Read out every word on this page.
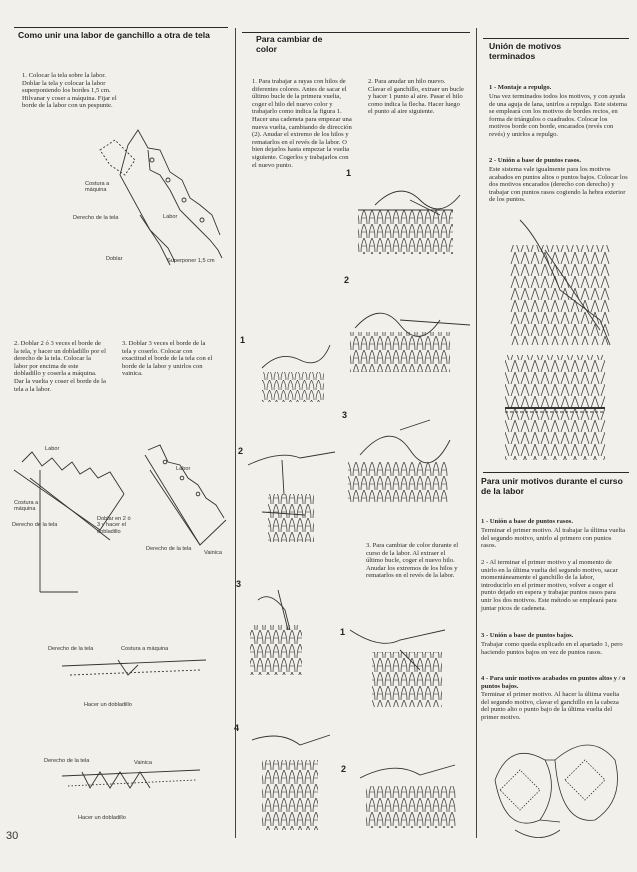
Como unir una labor de ganchillo a otra de tela
1. Colocar la tela sobre la labor. Doblar la tela y colocar la labor superponiendo los bordes 1,5 cm. Hilvanar y coser a máquina. Fijar el borde de la labor con un pespunte.
Costura a máquina
Derecho de la tela	Labor
Doblar	Superponer 1,5 cm
2. Doblar 2 ó 3 veces el borde de la tela, y hacer un dobladillo por el derecho de la tela. Colocar la labor por encima de este dobladillo y coserla a máquina. Dar la vuelta y coser el borde de la tela a la labor.
3. Doblar 3 veces el borde de la tela y coserlo. Colocar con exactitud el borde de la tela con el borde de la labor y unirlos con vainica.
Labor
Labor
Costura a máquina
Derecho de la tela
Doblar en 2 ó 3 y hacer el dobladillo
Derecho de la tela
Vainica
Derecho de la tela	Costura a máquina
Hacer un dobladillo
Derecho de la tela	Vainica
Hacer un dobladillo
30
Para cambiar de color
1. Para trabajar a rayas con hilos de diferentes colores. Antes de sacar el último bucle de la primera vuelta, coger el hilo del nuevo color y trabajarlo como indica la figura 1. Hacer una cadeneta para empezar una nueva vuelta, cambiando de dirección (2). Anudar el extremo de los hilos y rematarlos en el revés de la labor. O bien dejarlos hasta empezar la vuelta siguiente. Cogerlos y trabajarlos con el nuevo punto.
2. Para anudar un hilo nuevo. Clavar el ganchillo, extraer un bucle y hacer 1 punto al aire. Pasar el hilo como indica la flecha. Hacer luego el punto al aire siguiente.
3. Para cambiar de color durante el curso de la labor. Al extraer el último bucle, coger el nuevo hilo. Anudar los extremos de los hilos y rematarlos en el revés de la labor.
1
2
3
1
2
3
4
1
2
Unión de motivos terminados
1 - Montaje a repulgo.
Una vez terminados todos los motivos, y con ayuda de una aguja de lana, unirlos a repulgo. Este sistema se empleará con los motivos de bordes rectos, en forma de triángulos o cuadrados. Colocar los motivos borde con borde, encarados (revés con revés) y unirlos a repulgo.
2 - Unión a base de puntos rasos.
Este sistema vale igualmente para los motivos acabados en puntos altos o puntos bajos. Colocar los dos motivos encarados (derecho con derecho) y trabajar con puntos rasos cogiendo la hebra exterior de los puntos.
Para unir motivos durante el curso de la labor
1 - Unión a base de puntos rasos.
Terminar el primer motivo. Al trabajar la última vuelta del segundo motivo, unirlo al primero con puntos rasos.
2 - Al terminar el primer motivo y al momento de unirlo en la última vuelta del segundo motivo, sacar momentáneamente el ganchillo de la labor, introducirlo en el primer motivo, volver a coger el punto dejado en espera y trabajar puntos rasos para unir los dos motivos. Este método se empleará para juntar picos de cadeneta.
3 - Unión a base de puntos bajos.
Trabajar como queda explicado en el apartado 1, pero haciendo puntos bajos en vez de puntos rasos.
4 - Para unir motivos acabados en puntos altos y / o puntos bajos.
Terminar el primer motivo. Al hacer la última vuelta del segundo motivo, clavar el ganchillo en la cabeza del punto alto o punto bajo de la última vuelta del primer motivo.
